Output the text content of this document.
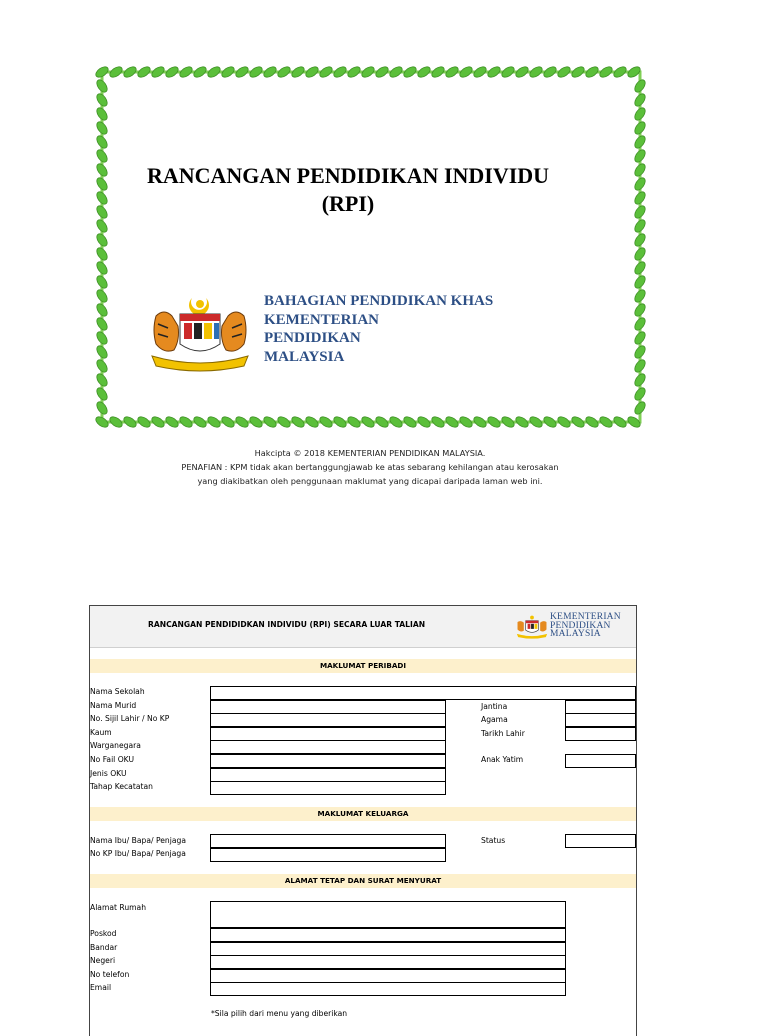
RANCANGAN PENDIDIKAN INDIVIDU
(RPI)
BAHAGIAN PENDIDIKAN KHAS
KEMENTERIAN
PENDIDIKAN
MALAYSIA
Hakcipta © 2018 KEMENTERIAN PENDIDIKAN MALAYSIA.
PENAFIAN : KPM tidak akan bertanggungjawab ke atas sebarang kehilangan atau kerosakan
yang diakibatkan oleh penggunaan maklumat yang dicapai daripada laman web ini.
RANCANGAN PENDIDIDKAN INDIVIDU (RPI) SECARA LUAR TALIAN
KEMENTERIAN
PENDIDIKAN
MALAYSIA
MAKLUMAT PERIBADI
Nama Sekolah
Nama Murid
No. Sijil Lahir / No KP
Kaum
Warganegara
No Fail OKU
Jenis OKU
Tahap Kecatatan
Jantina
Agama
Tarikh Lahir
Anak Yatim
MAKLUMAT KELUARGA
Nama Ibu/ Bapa/ Penjaga
No KP Ibu/ Bapa/ Penjaga
Status
ALAMAT TETAP DAN SURAT MENYURAT
Alamat Rumah
Poskod
Bandar
Negeri
No telefon
Email
*Sila pilih dari menu yang diberikan
